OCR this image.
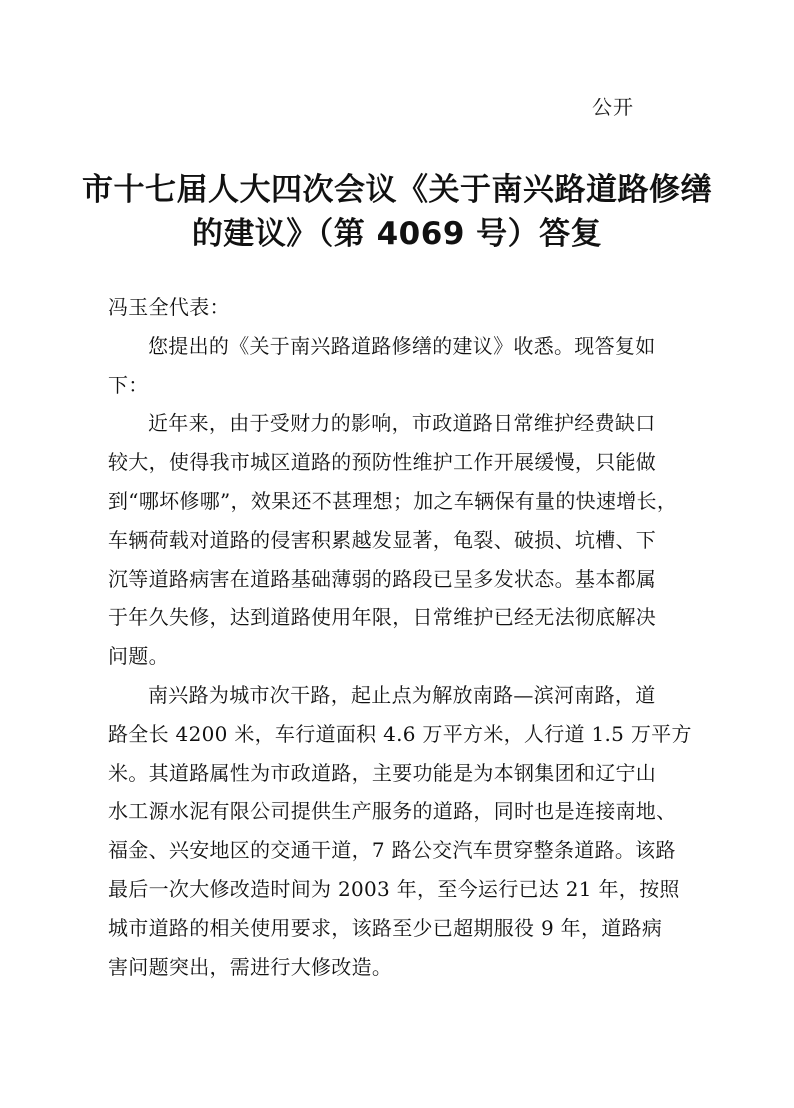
公开
市十七届人大四次会议《关于南兴路道路修缮
的建议》（第 4069 号）答复

冯玉全代表：

您提出的《关于南兴路道路修缮的建议》收悉。现答复如
下：

近年来，由于受财力的影响，市政道路日常维护经费缺口
较大，使得我市城区道路的预防性维护工作开展缓慢，只能做
到“哪坏修哪”，效果还不甚理想；加之车辆保有量的快速增长，
车辆荷载对道路的侵害积累越发显著，龟裂、破损、坑槽、下
沉等道路病害在道路基础薄弱的路段已呈多发状态。基本都属
于年久失修，达到道路使用年限，日常维护已经无法彻底解决
问题。

南兴路为城市次干路，起止点为解放南路—滨河南路，道
路全长 4200 米，车行道面积 4.6 万平方米，人行道 1.5 万平方
米。其道路属性为市政道路，主要功能是为本钢集团和辽宁山
水工源水泥有限公司提供生产服务的道路，同时也是连接南地、
福金、兴安地区的交通干道，7 路公交汽车贯穿整条道路。该路
最后一次大修改造时间为 2003 年，至今运行已达 21 年，按照
城市道路的相关使用要求，该路至少已超期服役 9 年，道路病
害问题突出，需进行大修改造。
